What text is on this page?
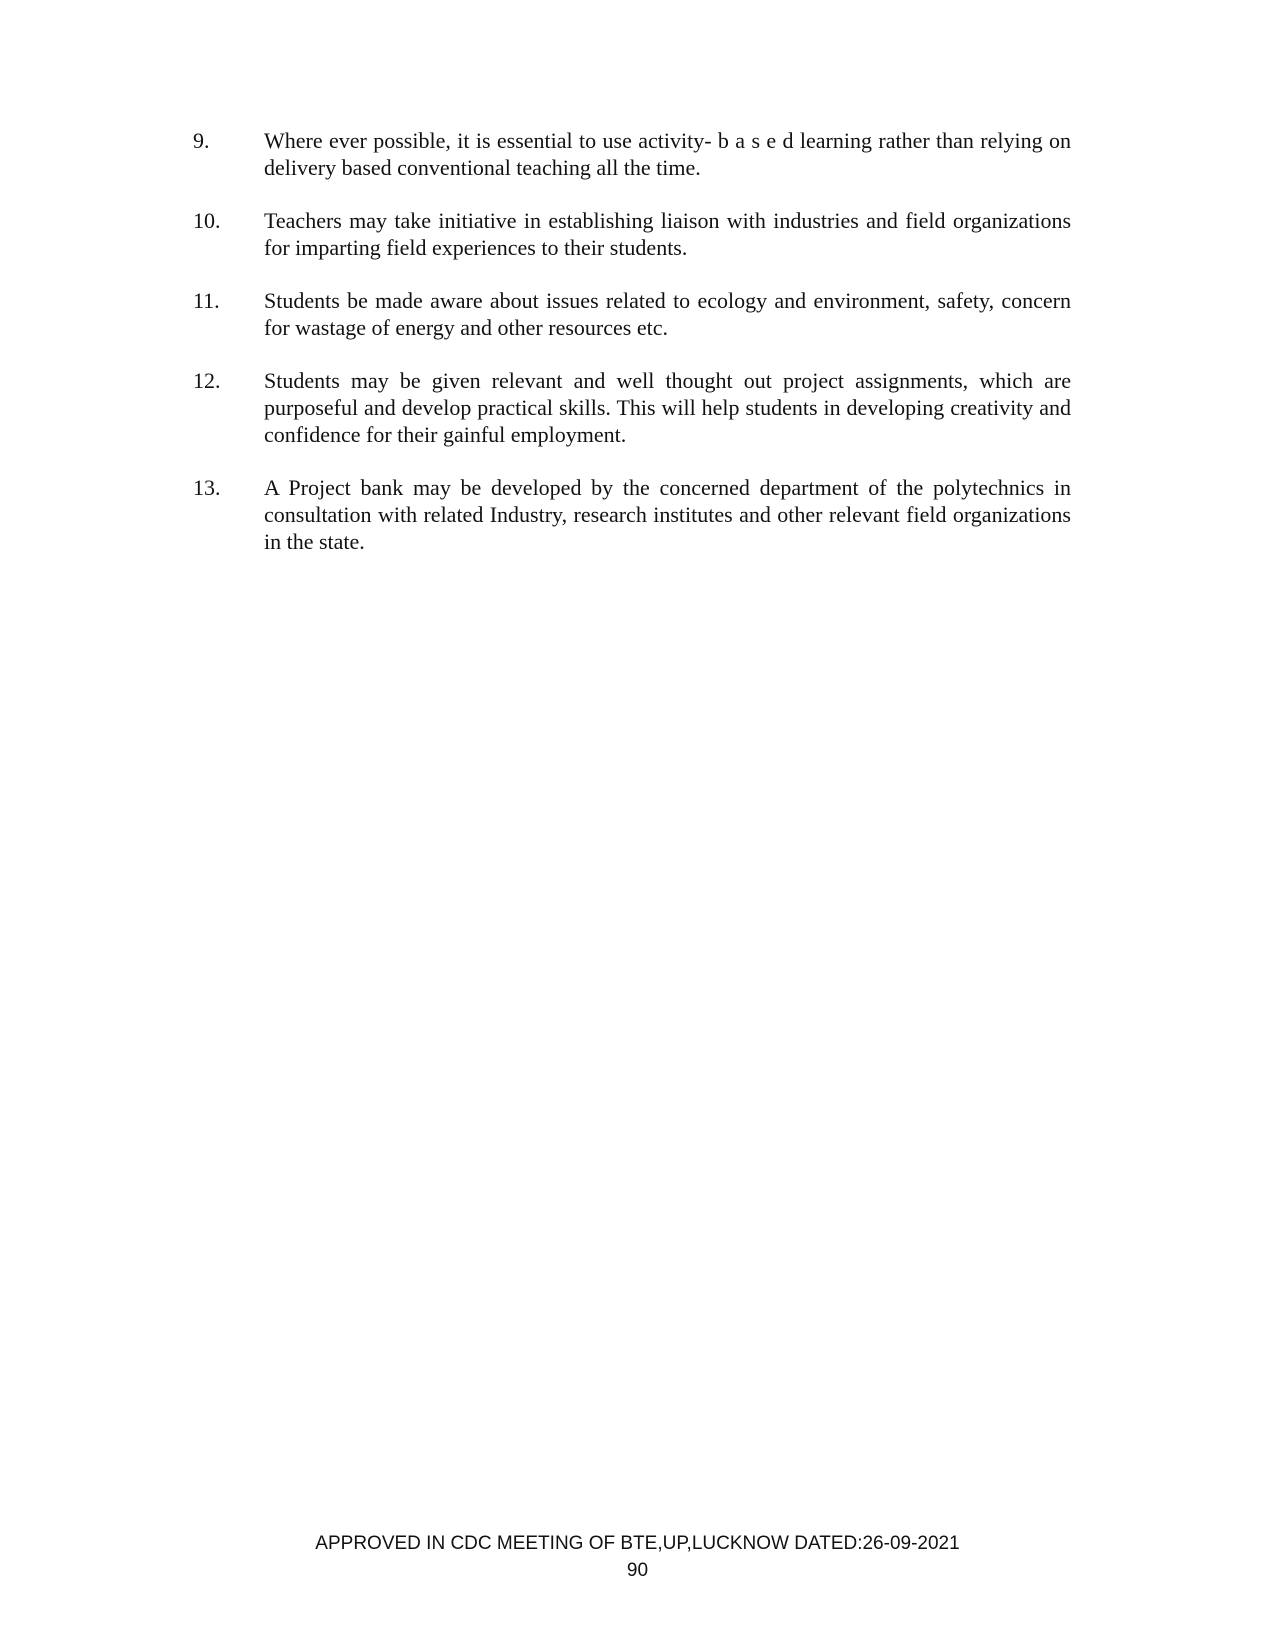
9.	Where ever possible, it is essential to use activity- b a s e d learning rather than relying on delivery based conventional teaching all the time.
10.	Teachers may take initiative in establishing liaison with industries and field organizations for imparting field experiences to their students.
11.	Students be made aware about issues related to ecology and environment, safety, concern for wastage of energy and other resources etc.
12.	Students may be given relevant and well thought out project assignments, which are purposeful and develop practical skills. This will help students in developing creativity and confidence for their gainful employment.
13.	A Project bank may be developed by the concerned department of the polytechnics in consultation with related Industry, research institutes and other relevant field organizations in the state.
APPROVED IN CDC MEETING OF BTE,UP,LUCKNOW DATED:26-09-2021
90
